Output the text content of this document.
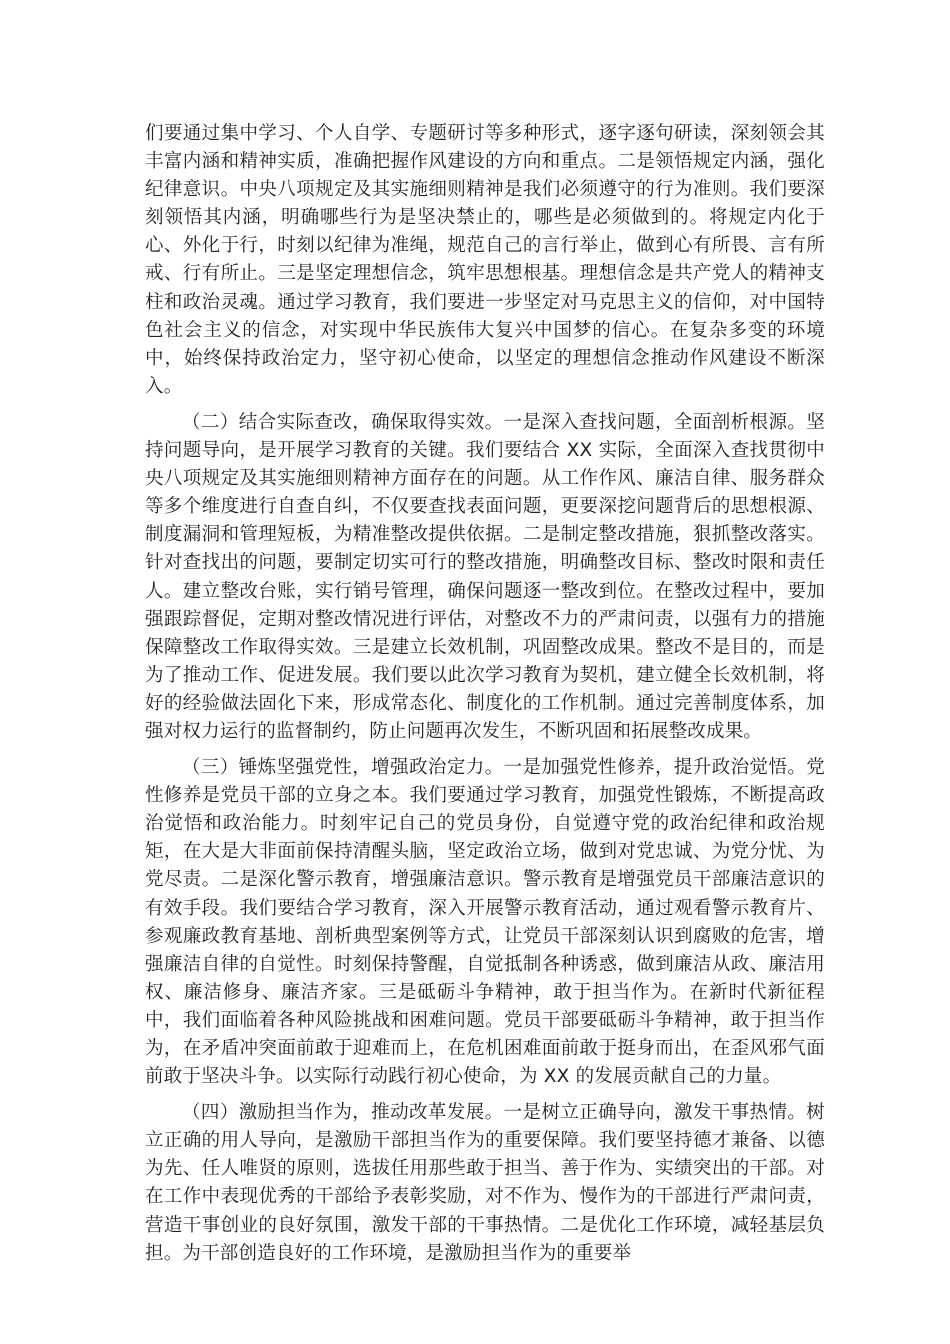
们要通过集中学习、个人自学、专题研讨等多种形式，逐字逐句研读，深刻领会其丰富内涵和精神实质，准确把握作风建设的方向和重点。二是领悟规定内涵，强化纪律意识。中央八项规定及其实施细则精神是我们必须遵守的行为准则。我们要深刻领悟其内涵，明确哪些行为是坚决禁止的，哪些是必须做到的。将规定内化于心、外化于行，时刻以纪律为准绳，规范自己的言行举止，做到心有所畏、言有所戒、行有所止。三是坚定理想信念，筑牢思想根基。理想信念是共产党人的精神支柱和政治灵魂。通过学习教育，我们要进一步坚定对马克思主义的信仰，对中国特色社会主义的信念，对实现中华民族伟大复兴中国梦的信心。在复杂多变的环境中，始终保持政治定力，坚守初心使命，以坚定的理想信念推动作风建设不断深入。

（二）结合实际查改，确保取得实效。一是深入查找问题，全面剖析根源。坚持问题导向，是开展学习教育的关键。我们要结合 XX 实际，全面深入查找贯彻中央八项规定及其实施细则精神方面存在的问题。从工作作风、廉洁自律、服务群众等多个维度进行自查自纠，不仅要查找表面问题，更要深挖问题背后的思想根源、制度漏洞和管理短板，为精准整改提供依据。二是制定整改措施，狠抓整改落实。针对查找出的问题，要制定切实可行的整改措施，明确整改目标、整改时限和责任人。建立整改台账，实行销号管理，确保问题逐一整改到位。在整改过程中，要加强跟踪督促，定期对整改情况进行评估，对整改不力的严肃问责，以强有力的措施保障整改工作取得实效。三是建立长效机制，巩固整改成果。整改不是目的，而是为了推动工作、促进发展。我们要以此次学习教育为契机，建立健全长效机制，将好的经验做法固化下来，形成常态化、制度化的工作机制。通过完善制度体系，加强对权力运行的监督制约，防止问题再次发生，不断巩固和拓展整改成果。

（三）锤炼坚强党性，增强政治定力。一是加强党性修养，提升政治觉悟。党性修养是党员干部的立身之本。我们要通过学习教育，加强党性锻炼，不断提高政治觉悟和政治能力。时刻牢记自己的党员身份，自觉遵守党的政治纪律和政治规矩，在大是大非面前保持清醒头脑，坚定政治立场，做到对党忠诚、为党分忧、为党尽责。二是深化警示教育，增强廉洁意识。警示教育是增强党员干部廉洁意识的有效手段。我们要结合学习教育，深入开展警示教育活动，通过观看警示教育片、参观廉政教育基地、剖析典型案例等方式，让党员干部深刻认识到腐败的危害，增强廉洁自律的自觉性。时刻保持警醒，自觉抵制各种诱惑，做到廉洁从政、廉洁用权、廉洁修身、廉洁齐家。三是砥砺斗争精神，敢于担当作为。在新时代新征程中，我们面临着各种风险挑战和困难问题。党员干部要砥砺斗争精神，敢于担当作为，在矛盾冲突面前敢于迎难而上，在危机困难面前敢于挺身而出，在歪风邪气面前敢于坚决斗争。以实际行动践行初心使命，为 XX 的发展贡献自己的力量。

（四）激励担当作为，推动改革发展。一是树立正确导向，激发干事热情。树立正确的用人导向，是激励干部担当作为的重要保障。我们要坚持德才兼备、以德为先、任人唯贤的原则，选拔任用那些敢于担当、善于作为、实绩突出的干部。对在工作中表现优秀的干部给予表彰奖励，对不作为、慢作为的干部进行严肃问责，营造干事创业的良好氛围，激发干部的干事热情。二是优化工作环境，减轻基层负担。为干部创造良好的工作环境，是激励担当作为的重要举
